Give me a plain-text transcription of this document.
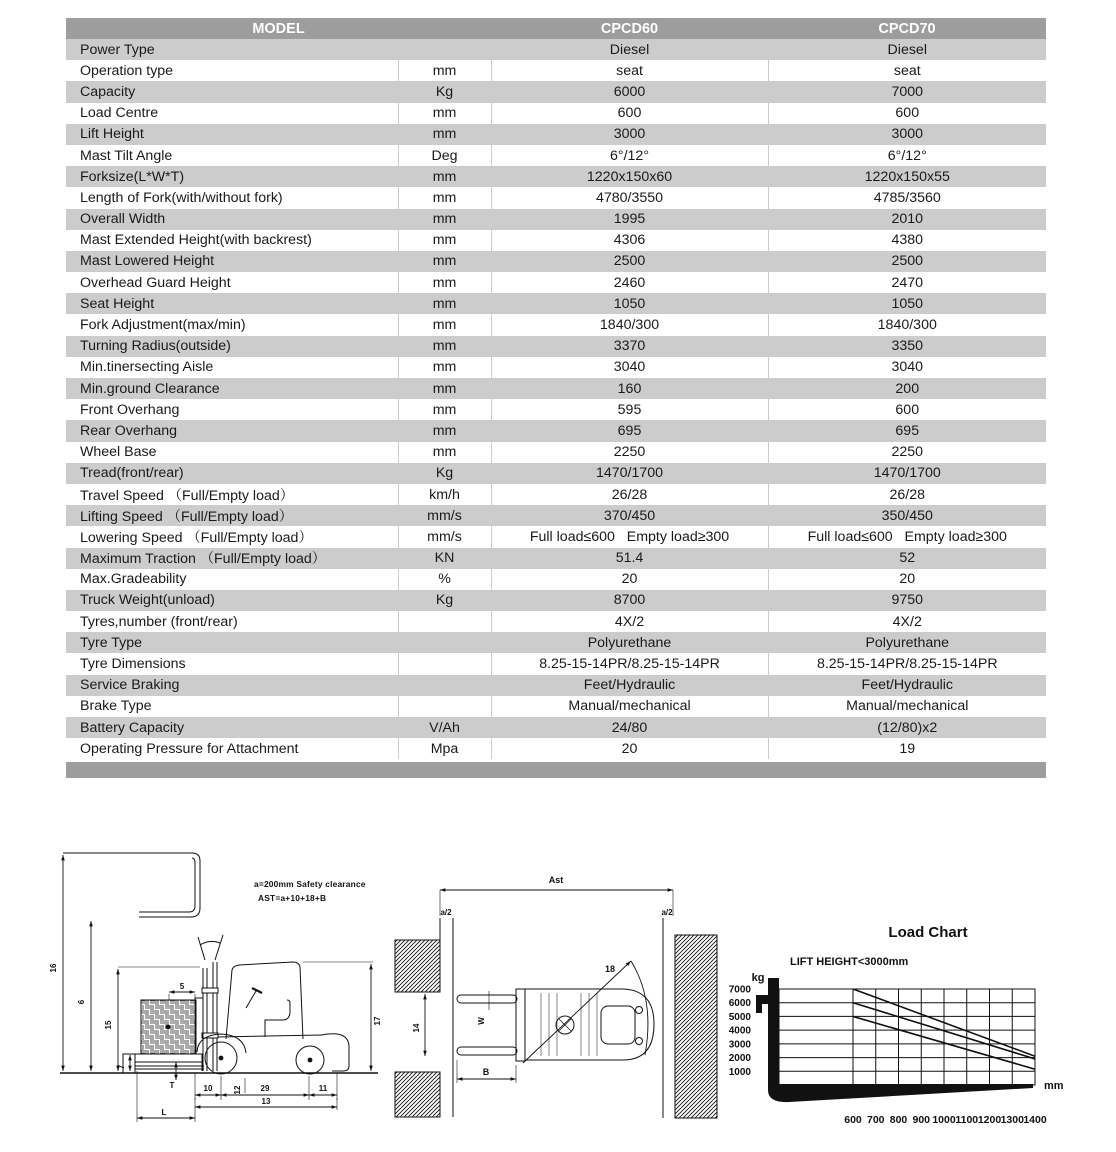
MODEL		CPCD60	CPCD70
Power Type		Diesel	Diesel
Operation type	mm	seat	seat
Capacity	Kg	6000	7000
Load Centre	mm	600	600
Lift Height	mm	3000	3000
Mast Tilt Angle	Deg	6°/12°	6°/12°
Forksize(L*W*T)	mm	1220x150x60	1220x150x55
Length of Fork(with/without fork)	mm	4780/3550	4785/3560
Overall Width	mm	1995	2010
Mast Extended Height(with backrest)	mm	4306	4380
Mast Lowered Height	mm	2500	2500
Overhead Guard Height	mm	2460	2470
Seat Height	mm	1050	1050
Fork Adjustment(max/min)	mm	1840/300	1840/300
Turning Radius(outside)	mm	3370	3350
Min.tinersecting Aisle	mm	3040	3040
Min.ground Clearance	mm	160	200
Front Overhang	mm	595	600
Rear Overhang	mm	695	695
Wheel Base	mm	2250	2250
Tread(front/rear)	Kg	1470/1700	1470/1700
Travel Speed （Full/Empty load）	km/h	26/28	26/28
Lifting Speed （Full/Empty load）	mm/s	370/450	350/450
Lowering Speed （Full/Empty load）	mm/s	Full load≤600   Empty load≥300	Full load≤600   Empty load≥300
Maximum Traction （Full/Empty load）	KN	51.4	52
Max.Gradeability	%	20	20
Truck Weight(unload)	Kg	8700	9750
Tyres,number (front/rear)		4X/2	4X/2
Tyre Type		Polyurethane	Polyurethane
Tyre Dimensions		8.25-15-14PR/8.25-15-14PR	8.25-15-14PR/8.25-15-14PR
Service Braking		Feet/Hydraulic	Feet/Hydraulic
Brake Type		Manual/mechanical	Manual/mechanical
Battery Capacity	V/Ah	24/80	(12/80)x2
Operating Pressure for Attachment	Mpa	20	19
16
6
15
5
7
T
17
10	12 29	11
13
L
a=200mm Safety clearance
AST=a+10+18+B
Ast
a/2	a/2
14
W
18
B
Load Chart
LIFT HEIGHT<3000mm
kg
mm
7000
6000
5000
4000
3000
2000
1000
600 700 800 900 1000 1100 1200 1300 1400
